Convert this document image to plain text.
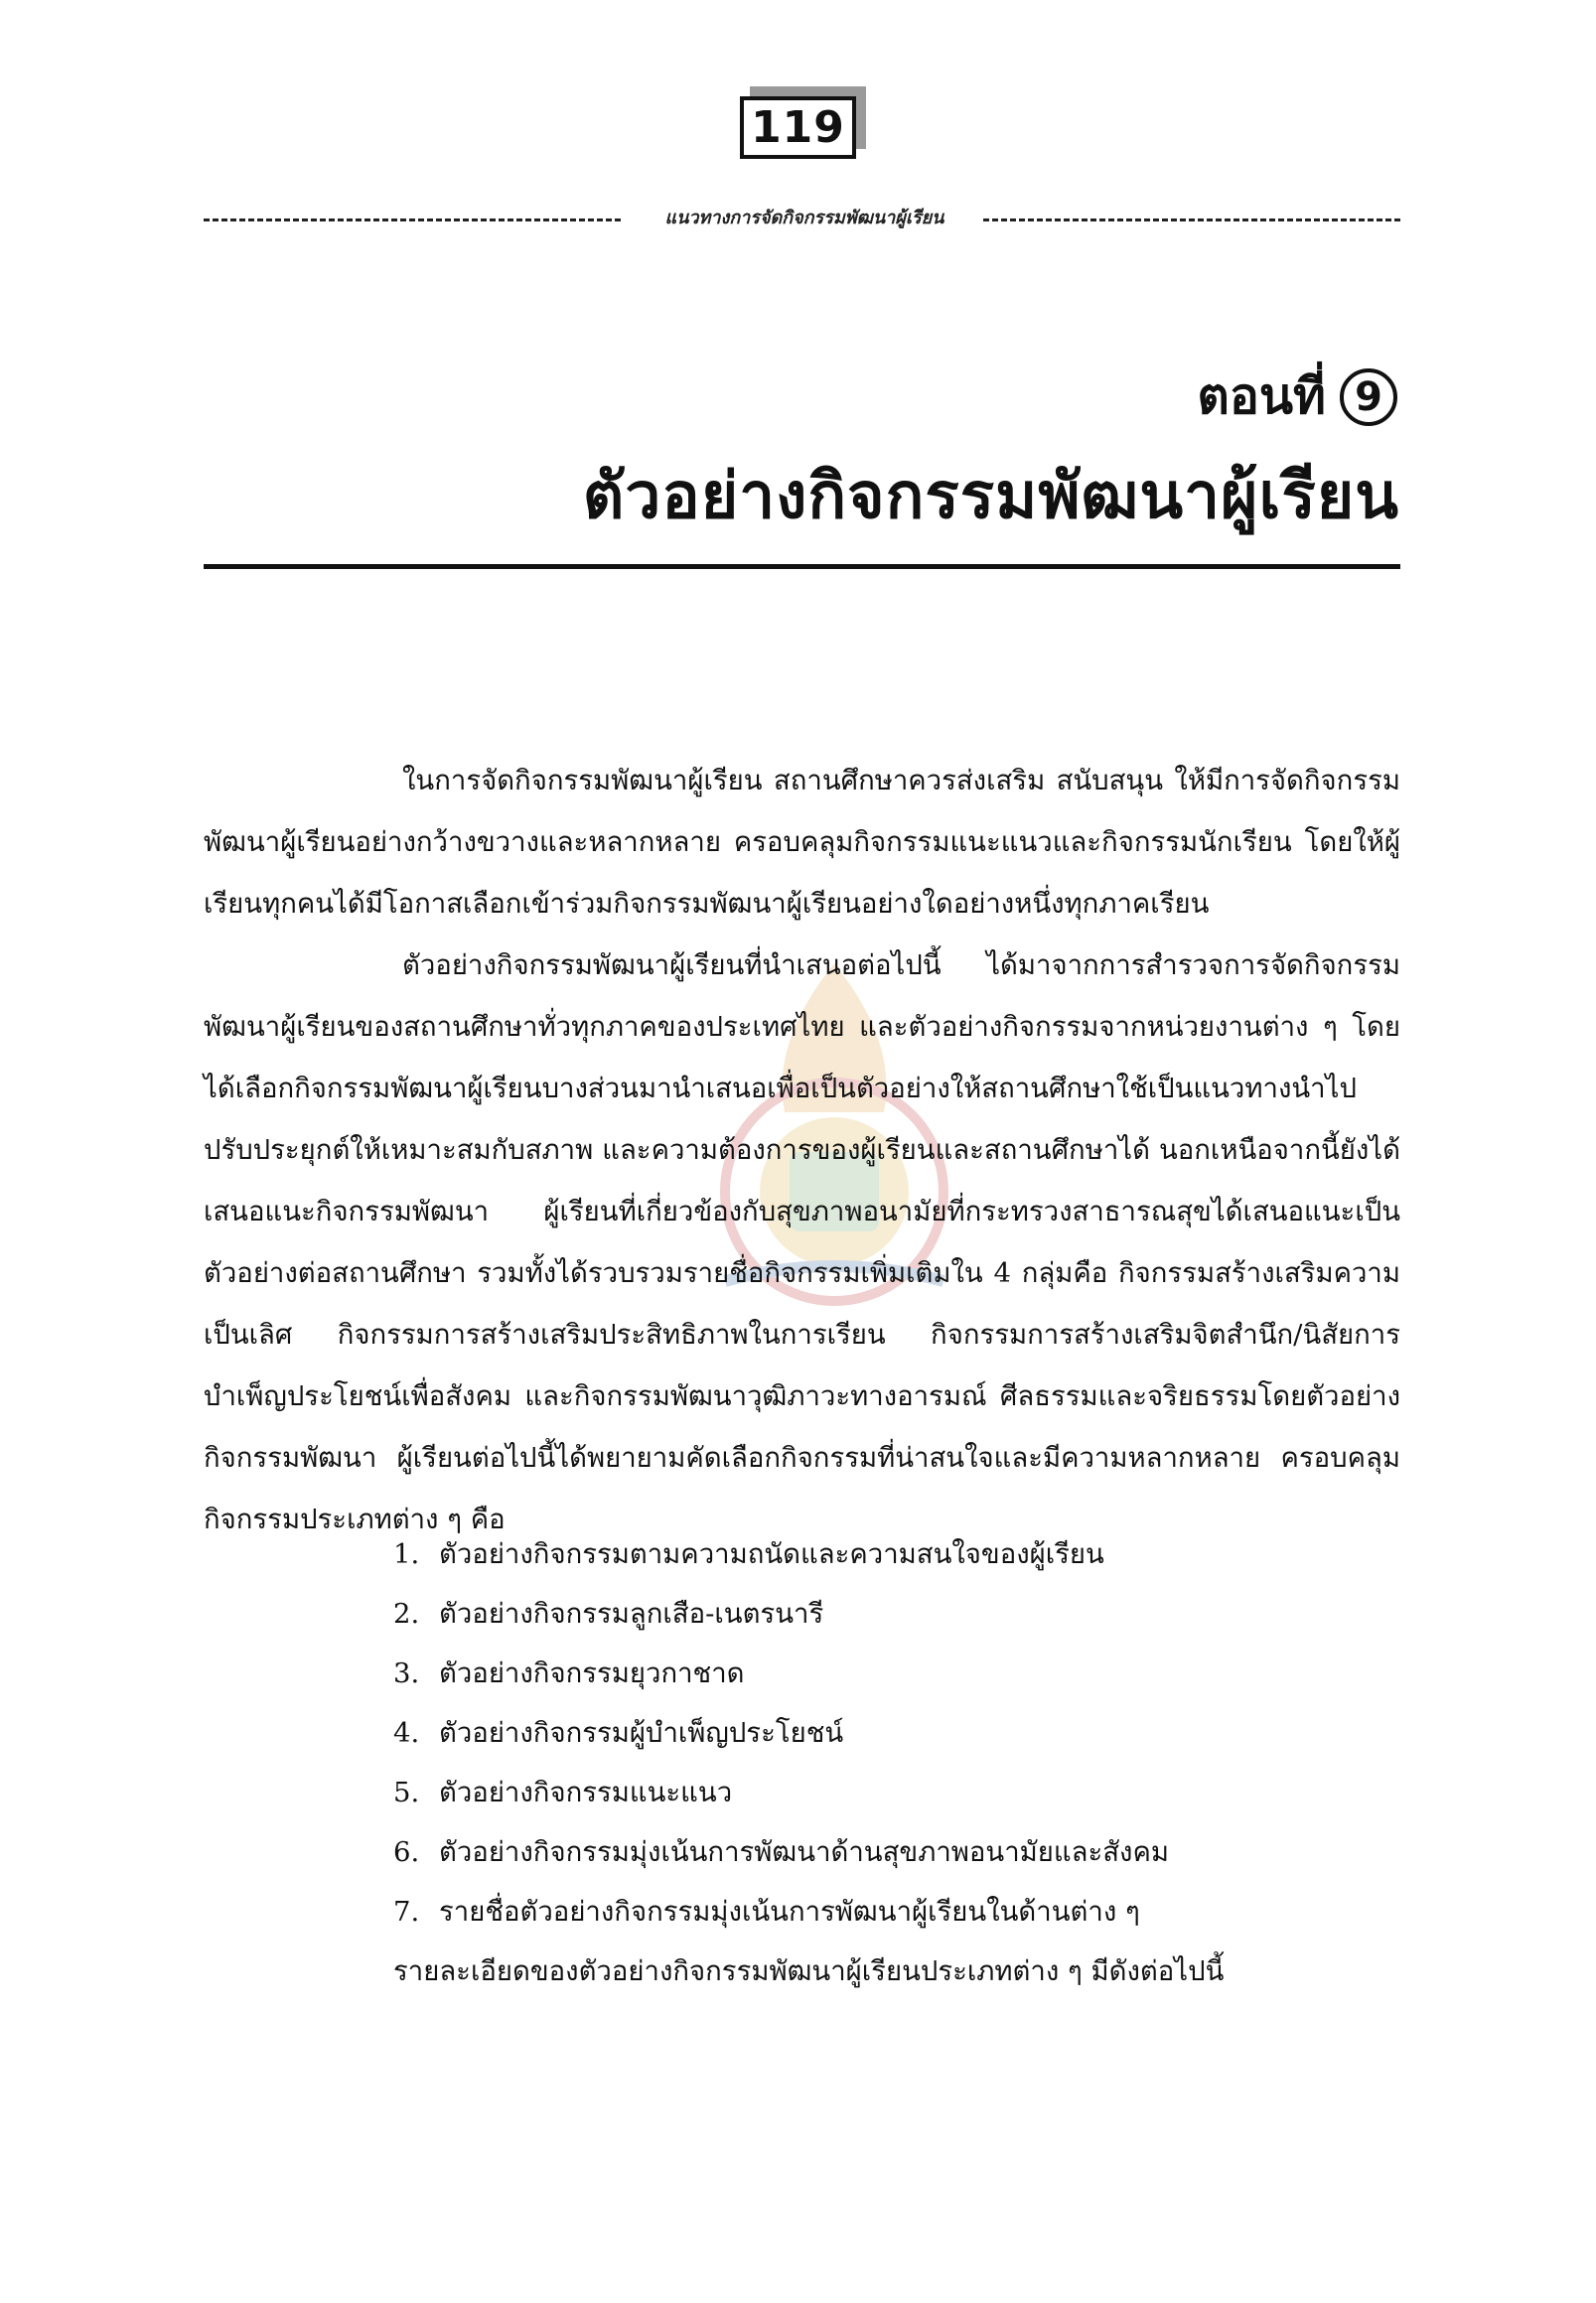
119
แนวทางการจัดกิจกรรมพัฒนาผู้เรียน
ตอนที่ 9
ตัวอย่างกิจกรรมพัฒนาผู้เรียน

ในการจัดกิจกรรมพัฒนาผู้เรียน สถานศึกษาควรส่งเสริม สนับสนุน ให้มีการจัดกิจกรรมพัฒนาผู้เรียนอย่างกว้างขวางและหลากหลาย ครอบคลุมกิจกรรมแนะแนวและกิจกรรมนักเรียน โดยให้ผู้เรียนทุกคนได้มีโอกาสเลือกเข้าร่วมกิจกรรมพัฒนาผู้เรียนอย่างใดอย่างหนึ่งทุกภาคเรียน

ตัวอย่างกิจกรรมพัฒนาผู้เรียนที่นำเสนอต่อไปนี้ ได้มาจากการสำรวจการจัดกิจกรรมพัฒนาผู้เรียนของสถานศึกษาทั่วทุกภาคของประเทศไทย และตัวอย่างกิจกรรมจากหน่วยงานต่าง ๆ โดยได้เลือกกิจกรรมพัฒนาผู้เรียนบางส่วนมานำเสนอเพื่อเป็นตัวอย่างให้สถานศึกษาใช้เป็นแนวทางนำไปปรับประยุกต์ให้เหมาะสมกับสภาพ และความต้องการของผู้เรียนและสถานศึกษาได้ นอกเหนือจากนี้ยังได้เสนอแนะกิจกรรมพัฒนา ผู้เรียนที่เกี่ยวข้องกับสุขภาพอนามัยที่กระทรวงสาธารณสุขได้เสนอแนะเป็นตัวอย่างต่อสถานศึกษา รวมทั้งได้รวบรวมรายชื่อกิจกรรมเพิ่มเติมใน 4 กลุ่มคือ กิจกรรมสร้างเสริมความเป็นเลิศ กิจกรรมการสร้างเสริมประสิทธิภาพในการเรียน กิจกรรมการสร้างเสริมจิตสำนึก/นิสัยการบำเพ็ญประโยชน์เพื่อสังคม และกิจกรรมพัฒนาวุฒิภาวะทางอารมณ์ ศีลธรรมและจริยธรรมโดยตัวอย่างกิจกรรมพัฒนา ผู้เรียนต่อไปนี้ได้พยายามคัดเลือกกิจกรรมที่น่าสนใจและมีความหลากหลาย ครอบคลุมกิจกรรมประเภทต่าง ๆ คือ

1. ตัวอย่างกิจกรรมตามความถนัดและความสนใจของผู้เรียน
2. ตัวอย่างกิจกรรมลูกเสือ-เนตรนารี
3. ตัวอย่างกิจกรรมยุวกาชาด
4. ตัวอย่างกิจกรรมผู้บำเพ็ญประโยชน์
5. ตัวอย่างกิจกรรมแนะแนว
6. ตัวอย่างกิจกรรมมุ่งเน้นการพัฒนาด้านสุขภาพอนามัยและสังคม
7. รายชื่อตัวอย่างกิจกรรมมุ่งเน้นการพัฒนาผู้เรียนในด้านต่าง ๆ
รายละเอียดของตัวอย่างกิจกรรมพัฒนาผู้เรียนประเภทต่าง ๆ มีดังต่อไปนี้
